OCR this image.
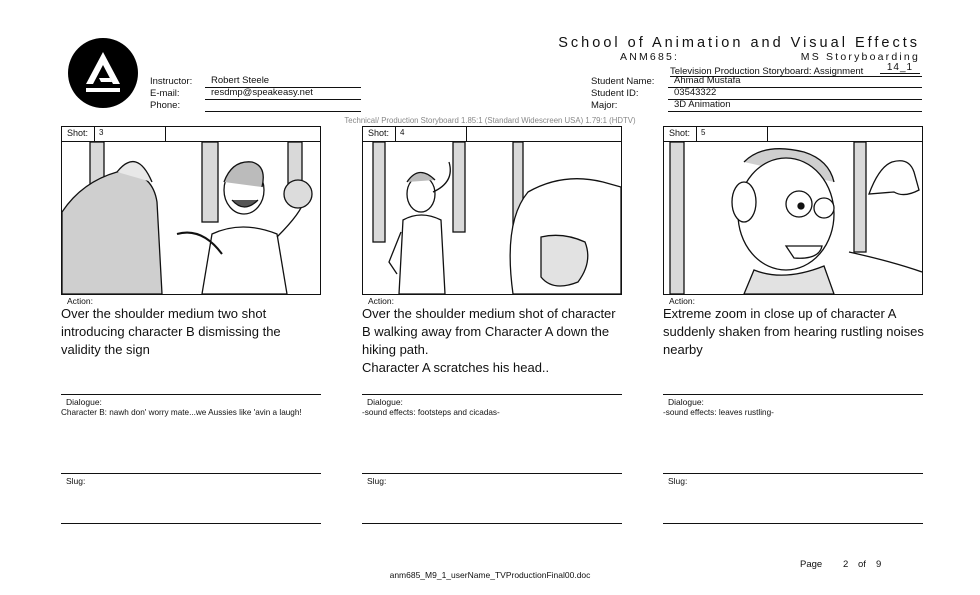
School of Animation and Visual Effects
ANM685:	MS Storyboarding
Television Production Storyboard: Assignment	14_1
Instructor:	Robert Steele
E-mail:	resdmp@speakeasy.net
Phone:
Student Name:	Ahmad Mustafa
Student ID:	03543322
Major:	3D Animation
Technical/ Production Storyboard 1.85:1 (Standard Widescreen USA) 1.79:1 (HDTV)
Shot: 3
Action:
Over the shoulder medium two shot introducing character B dismissing the validity the sign
Dialogue:
Character B: nawh don' worry mate...we Aussies like 'avin a laugh!
Slug:
Shot: 4
Action:
Over the shoulder medium shot of character B walking away from Character A down the hiking path.
Character A scratches his head..
Dialogue:
-sound effects: footsteps and cicadas-
Slug:
Shot: 5
Action:
Extreme zoom in close up of character A suddenly shaken from hearing rustling noises nearby
Dialogue:
-sound effects: leaves rustling-
Slug:
Page 2 of 9
anm685_M9_1_userName_TVProductionFinal00.doc
